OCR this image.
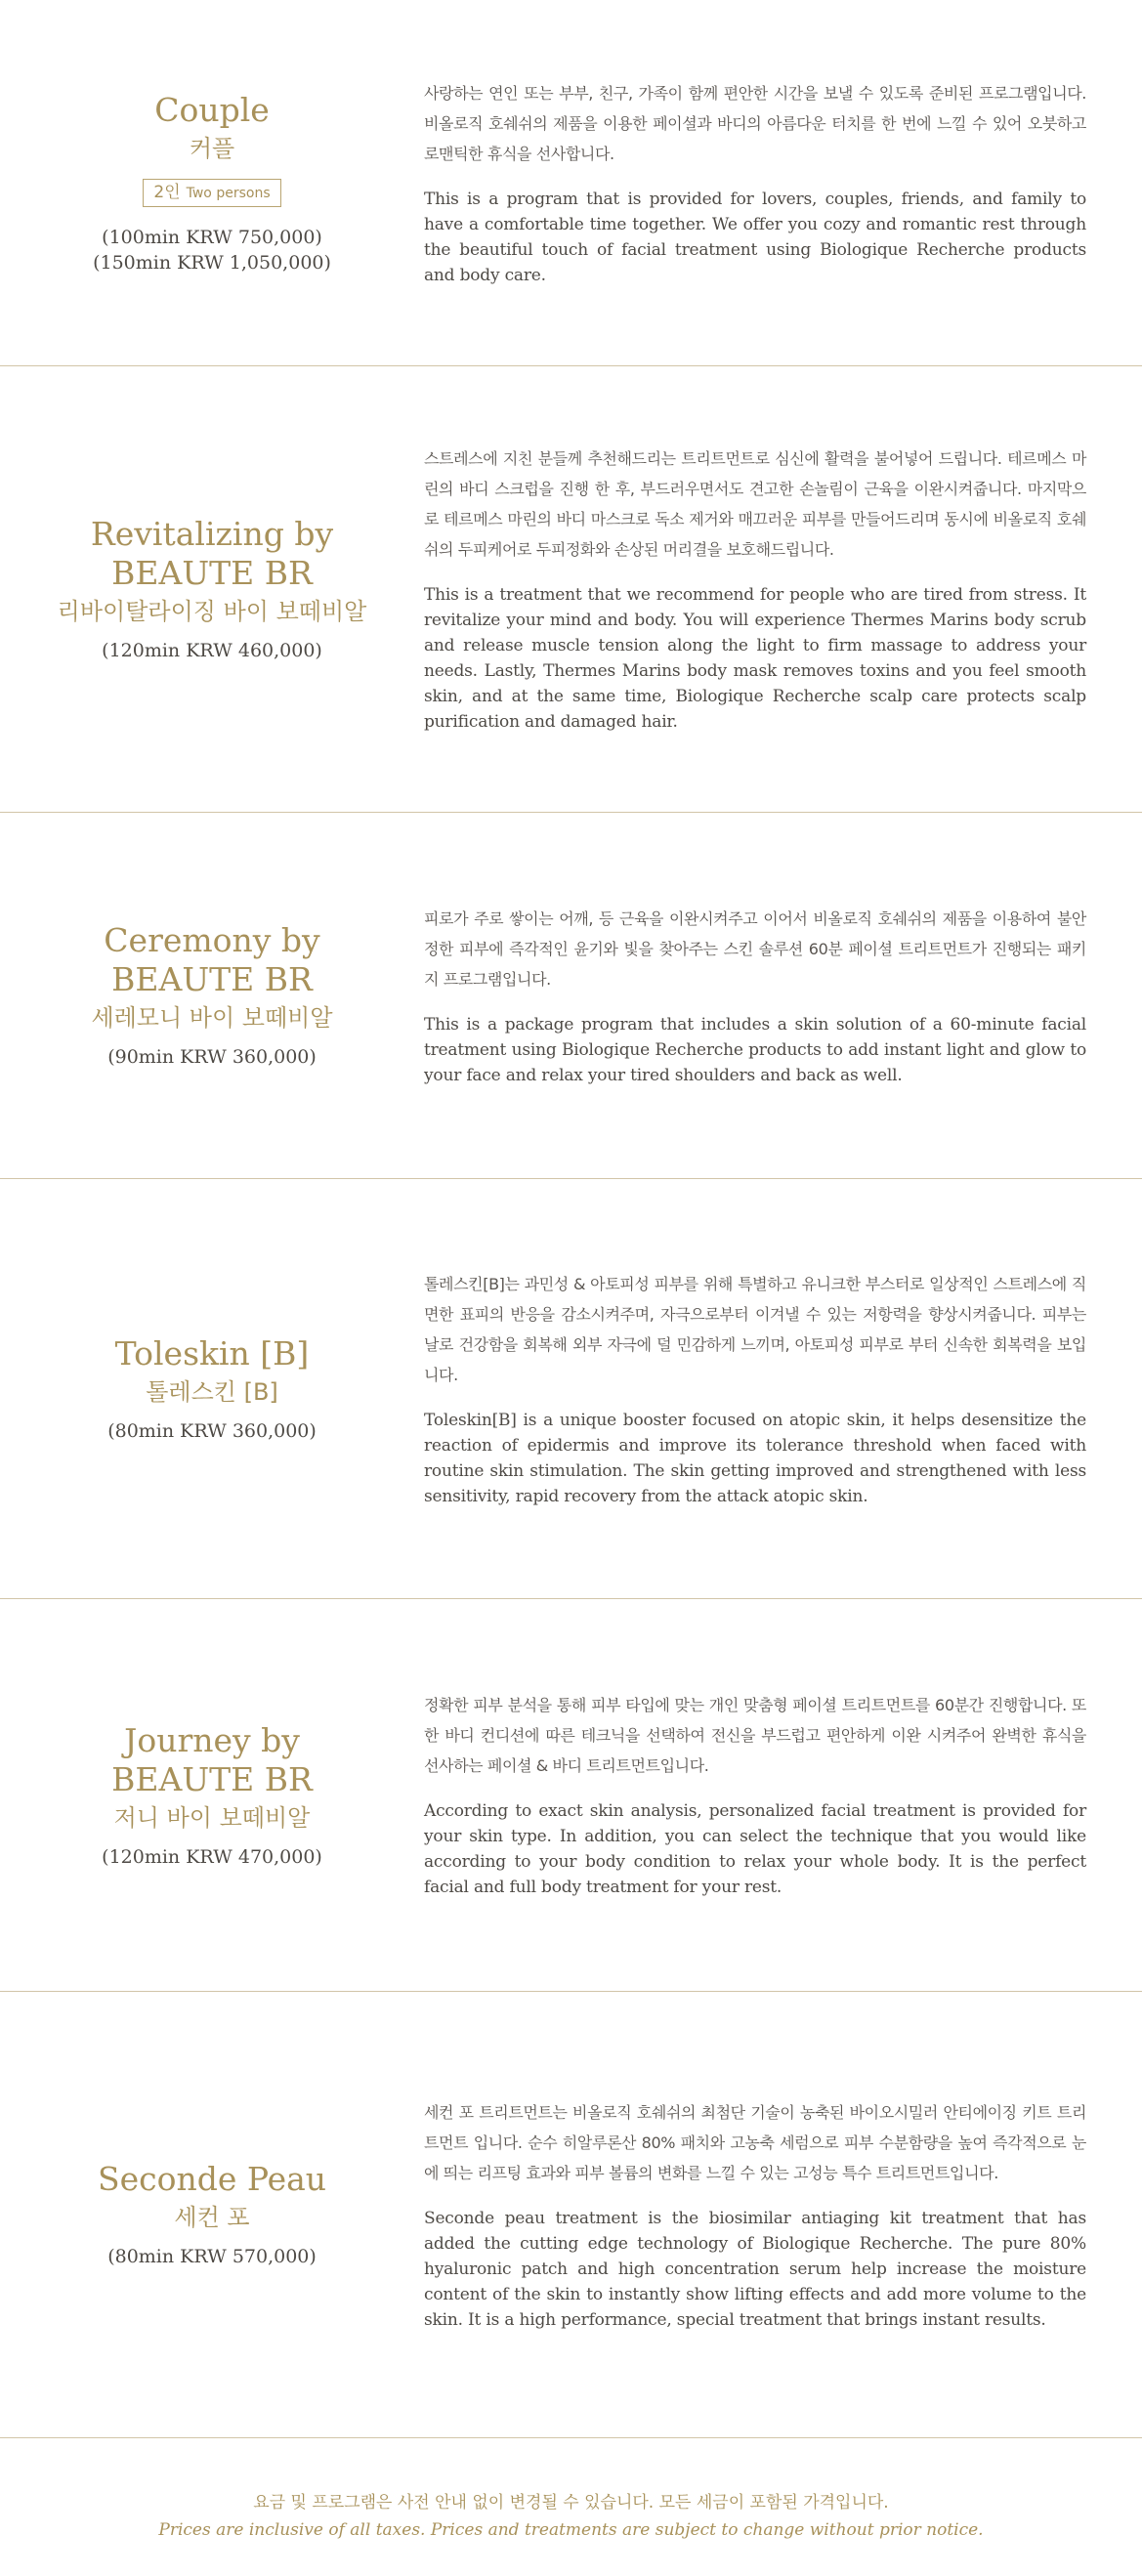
Couple
커플
2인 Two persons
(100min KRW 750,000)
(150min KRW 1,050,000)

사랑하는 연인 또는 부부, 친구, 가족이 함께 편안한 시간을 보낼 수 있도록 준비된 프로그램입니다. 비올로직 호쉐쉬의 제품을 이용한 페이셜과 바디의 아름다운 터치를 한 번에 느낄 수 있어 오붓하고 로맨틱한 휴식을 선사합니다.

This is a program that is provided for lovers, couples, friends, and family to have a comfortable time together. We offer you cozy and romantic rest through the beautiful touch of facial treatment using Biologique Recherche products and body care.

Revitalizing by BEAUTE BR
리바이탈라이징 바이 보떼비알
(120min KRW 460,000)

스트레스에 지친 분들께 추천해드리는 트리트먼트로 심신에 활력을 불어넣어 드립니다. 테르메스 마린의 바디 스크럽을 진행 한 후, 부드러우면서도 견고한 손놀림이 근육을 이완시켜줍니다. 마지막으로 테르메스 마린의 바디 마스크로 독소 제거와 매끄러운 피부를 만들어드리며 동시에 비올로직 호쉐쉬의 두피케어로 두피정화와 손상된 머리결을 보호해드립니다.

This is a treatment that we recommend for people who are tired from stress. It revitalize your mind and body. You will experience Thermes Marins body scrub and release muscle tension along the light to firm massage to address your needs. Lastly, Thermes Marins body mask removes toxins and you feel smooth skin, and at the same time, Biologique Recherche scalp care protects scalp purification and damaged hair.

Ceremony by BEAUTE BR
세레모니 바이 보떼비알
(90min KRW 360,000)

피로가 주로 쌓이는 어깨, 등 근육을 이완시켜주고 이어서 비올로직 호쉐쉬의 제품을 이용하여 불안정한 피부에 즉각적인 윤기와 빛을 찾아주는 스킨 솔루션 60분 페이셜 트리트먼트가 진행되는 패키지 프로그램입니다.

This is a package program that includes a skin solution of a 60-minute facial treatment using Biologique Recherche products to add instant light and glow to your face and relax your tired shoulders and back as well.

Toleskin [B]
톨레스킨 [B]
(80min KRW 360,000)

톨레스킨[B]는 과민성 & 아토피성 피부를 위해 특별하고 유니크한 부스터로 일상적인 스트레스에 직면한 표피의 반응을 감소시켜주며, 자극으로부터 이겨낼 수 있는 저항력을 향상시켜줍니다. 피부는 날로 건강함을 회복해 외부 자극에 덜 민감하게 느끼며, 아토피성 피부로 부터 신속한 회복력을 보입니다.

Toleskin[B] is a unique booster focused on atopic skin, it helps desensitize the reaction of epidermis and improve its tolerance threshold when faced with routine skin stimulation. The skin getting improved and strengthened with less sensitivity, rapid recovery from the attack atopic skin.

Journey by BEAUTE BR
저니 바이 보떼비알
(120min KRW 470,000)

정확한 피부 분석을 통해 피부 타입에 맞는 개인 맞춤형 페이셜 트리트먼트를 60분간 진행합니다. 또한 바디 컨디션에 따른 테크닉을 선택하여 전신을 부드럽고 편안하게 이완 시켜주어 완벽한 휴식을 선사하는 페이셜 & 바디 트리트먼트입니다.

According to exact skin analysis, personalized facial treatment is provided for your skin type. In addition, you can select the technique that you would like according to your body condition to relax your whole body. It is the perfect facial and full body treatment for your rest.

Seconde Peau
세컨 포
(80min KRW 570,000)

세컨 포 트리트먼트는 비올로직 호쉐쉬의 최첨단 기술이 농축된 바이오시밀러 안티에이징 키트 트리트먼트 입니다. 순수 히알루론산 80% 패치와 고농축 세럼으로 피부 수분함량을 높여 즉각적으로 눈에 띄는 리프팅 효과와 피부 볼륨의 변화를 느낄 수 있는 고성능 특수 트리트먼트입니다.

Seconde peau treatment is the biosimilar antiaging kit treatment that has added the cutting edge technology of Biologique Recherche. The pure 80% hyaluronic patch and high concentration serum help increase the moisture content of the skin to instantly show lifting effects and add more volume to the skin. It is a high performance, special treatment that brings instant results.

요금 및 프로그램은 사전 안내 없이 변경될 수 있습니다. 모든 세금이 포함된 가격입니다.
Prices are inclusive of all taxes. Prices and treatments are subject to change without prior notice.
